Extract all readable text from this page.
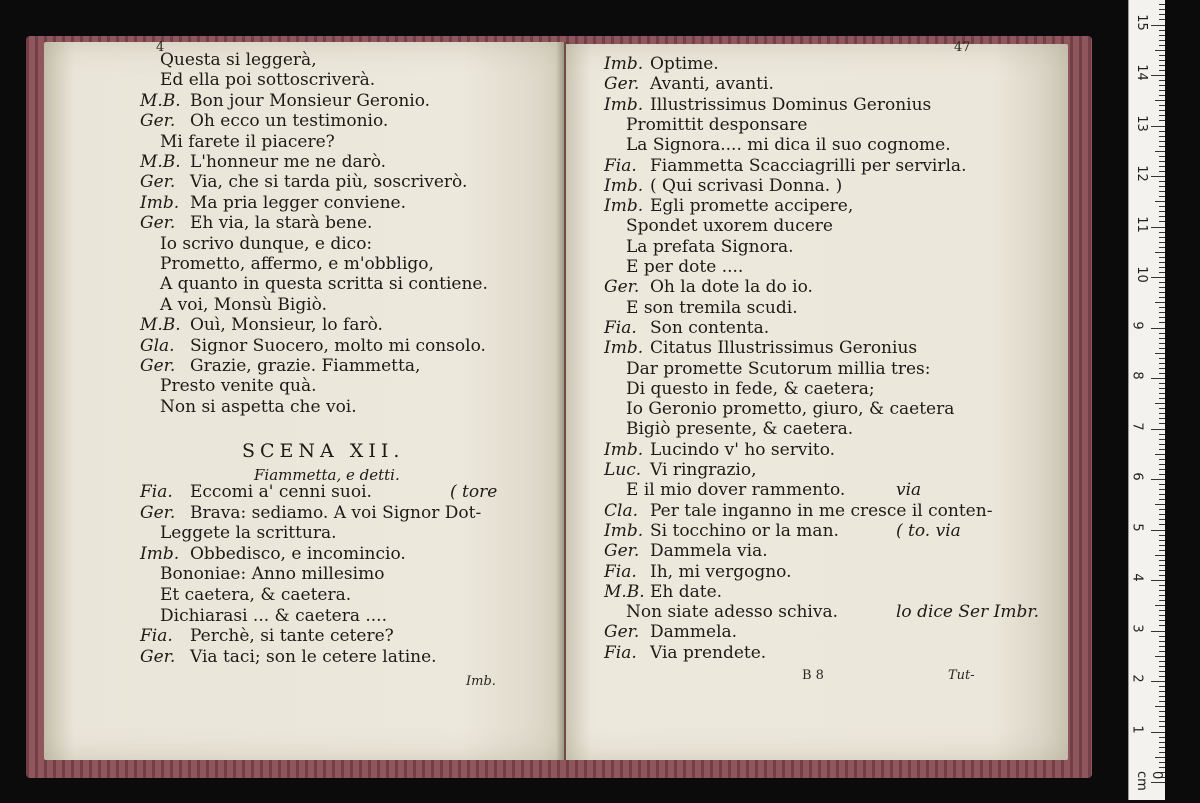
4
Questa si leggerà,
Ed ella poi sottoscriverà.
M.B. Bon jour Monsieur Geronio.
Ger. Oh ecco un testimonio.
Mi farete il piacere?
M.B. L'honneur me ne darò.
Ger. Via, che si tarda più, soscriverò.
Imb. Ma pria legger conviene.
Ger. Eh via, la starà bene.
Io scrivo dunque, e dico:
Prometto, affermo, e m'obbligo,
A quanto in questa scritta si contiene.
A voi, Monsù Bigiò.
M.B. Ouì, Monsieur, lo farò.
Gla. Signor Suocero, molto mi consolo.
Ger. Grazie, grazie. Fiammetta,
Presto venite quà.
Non si aspetta che voi.
SCENA XII.
Fiammetta, e detti.
Fia. Eccomi a' cenni suoi.	( tore
Ger. Brava: sediamo. A voi Signor Dot-
Leggete la scrittura.
Imb. Obbedisco, e incomincio.
Bononiae: Anno millesimo
Et caetera, & caetera.
Dichiarasi ... & caetera ....
Fia. Perchè, si tante cetere?
Ger. Via taci; son le cetere latine.
Imb.
47
Imb. Optime.
Ger. Avanti, avanti.
Imb. Illustrissimus Dominus Geronius
Promittit desponsare
La Signora.... mi dica il suo cognome.
Fia. Fiammetta Scacciagrilli per servirla.
Imb. ( Qui scrivasi Donna. )
Imb. Egli promette accipere,
Spondet uxorem ducere
La prefata Signora.
E per dote ....
Ger. Oh la dote la do io.
E son tremila scudi.
Fia. Son contenta.
Imb. Citatus Illustrissimus Geronius
Dar promette Scutorum millia tres:
Di questo in fede, & caetera;
Io Geronio prometto, giuro, & caetera
Bigiò presente, & caetera.
Imb. Lucindo v' ho servito.
Luc. Vi ringrazio,
E il mio dover rammento.	via
Cla. Per tale inganno in me cresce il conten-
Imb. Si tocchino or la man.	( to. via
Ger. Dammela via.
Fia. Ih, mi vergogno.
M.B. Eh date.
Non siate adesso schiva.	lo dice Ser Imbr.
Ger. Dammela.
Fia. Via prendete.
B 8	Tut-
15
14
13
12
11
10
9
8
7
6
5
4
3
2
1
0 cm
